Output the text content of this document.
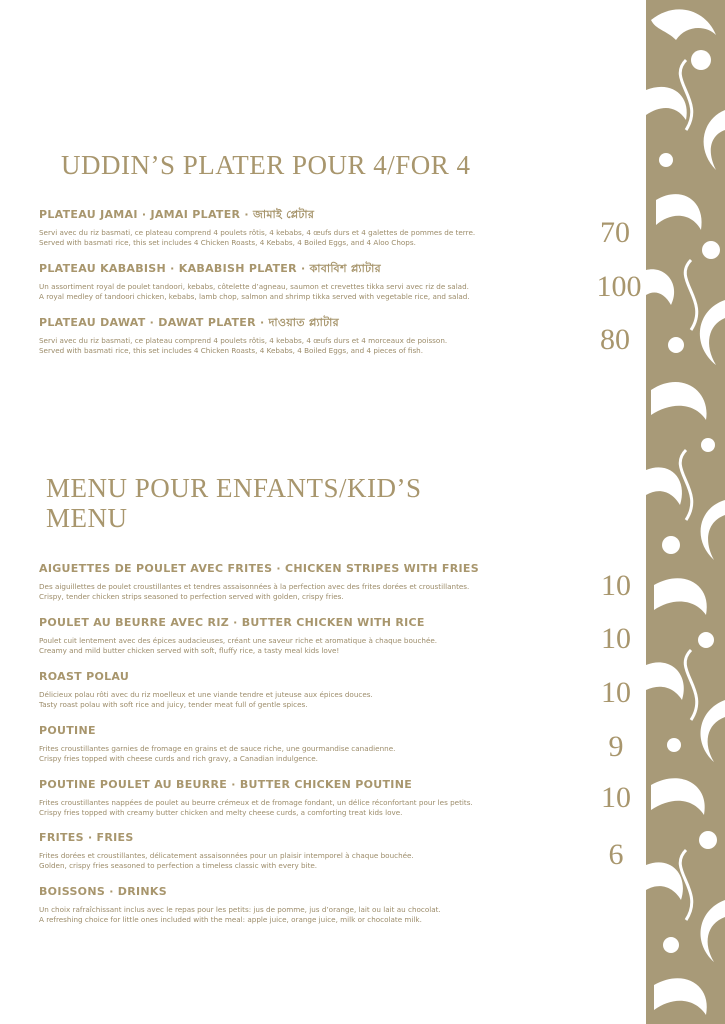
UDDIN’S PLATER POUR 4/FOR 4
PLATEAU JAMAI · JAMAI PLATER · জামাই প্লেটার
Servi avec du riz basmati, ce plateau comprend 4 poulets rôtis, 4 kebabs, 4 œufs durs et 4 galettes de pommes de terre.
Served with basmati rice, this set includes 4 Chicken Roasts, 4 Kebabs, 4 Boiled Eggs, and 4 Aloo Chops.	70
PLATEAU KABABISH · KABABISH PLATER · কাবাবিশ প্ল্যাটার
Un assortiment royal de poulet tandoori, kebabs, côtelette d’agneau, saumon et crevettes tikka servi avec riz de salad.
A royal medley of tandoori chicken, kebabs, lamb chop, salmon and shrimp tikka served with vegetable rice, and salad.	100
PLATEAU DAWAT · DAWAT PLATER · দাওয়াত প্ল্যাটার
Servi avec du riz basmati, ce plateau comprend 4 poulets rôtis, 4 kebabs, 4 œufs durs et 4 morceaux de poisson.
Served with basmati rice, this set includes 4 Chicken Roasts, 4 Kebabs, 4 Boiled Eggs, and 4 pieces of fish.	80
MENU POUR ENFANTS/KID’S
MENU
AIGUETTES DE POULET AVEC FRITES · CHICKEN STRIPES WITH FRIES
Des aiguillettes de poulet croustillantes et tendres assaisonnées à la perfection avec des frites dorées et croustillantes.
Crispy, tender chicken strips seasoned to perfection served with golden, crispy fries.	10
POULET AU BEURRE AVEC RIZ · BUTTER CHICKEN WITH RICE
Poulet cuit lentement avec des épices audacieuses, créant une saveur riche et aromatique à chaque bouchée.
Creamy and mild butter chicken served with soft, fluffy rice, a tasty meal kids love!	10
ROAST POLAU
Délicieux polau rôti avec du riz moelleux et une viande tendre et juteuse aux épices douces.
Tasty roast polau with soft rice and juicy, tender meat full of gentle spices.	10
POUTINE
Frites croustillantes garnies de fromage en grains et de sauce riche, une gourmandise canadienne.
Crispy fries topped with cheese curds and rich gravy, a Canadian indulgence.	9
POUTINE POULET AU BEURRE · BUTTER CHICKEN POUTINE
Frites croustillantes nappées de poulet au beurre crémeux et de fromage fondant, un délice réconfortant pour les petits.
Crispy fries topped with creamy butter chicken and melty cheese curds, a comforting treat kids love.	10
FRITES · FRIES
Frites dorées et croustillantes, délicatement assaisonnées pour un plaisir intemporel à chaque bouchée.
Golden, crispy fries seasoned to perfection a timeless classic with every bite.	6
BOISSONS · DRINKS
Un choix rafraîchissant inclus avec le repas pour les petits: jus de pomme, jus d’orange, lait ou lait au chocolat.
A refreshing choice for little ones included with the meal: apple juice, orange juice, milk or chocolate milk.
